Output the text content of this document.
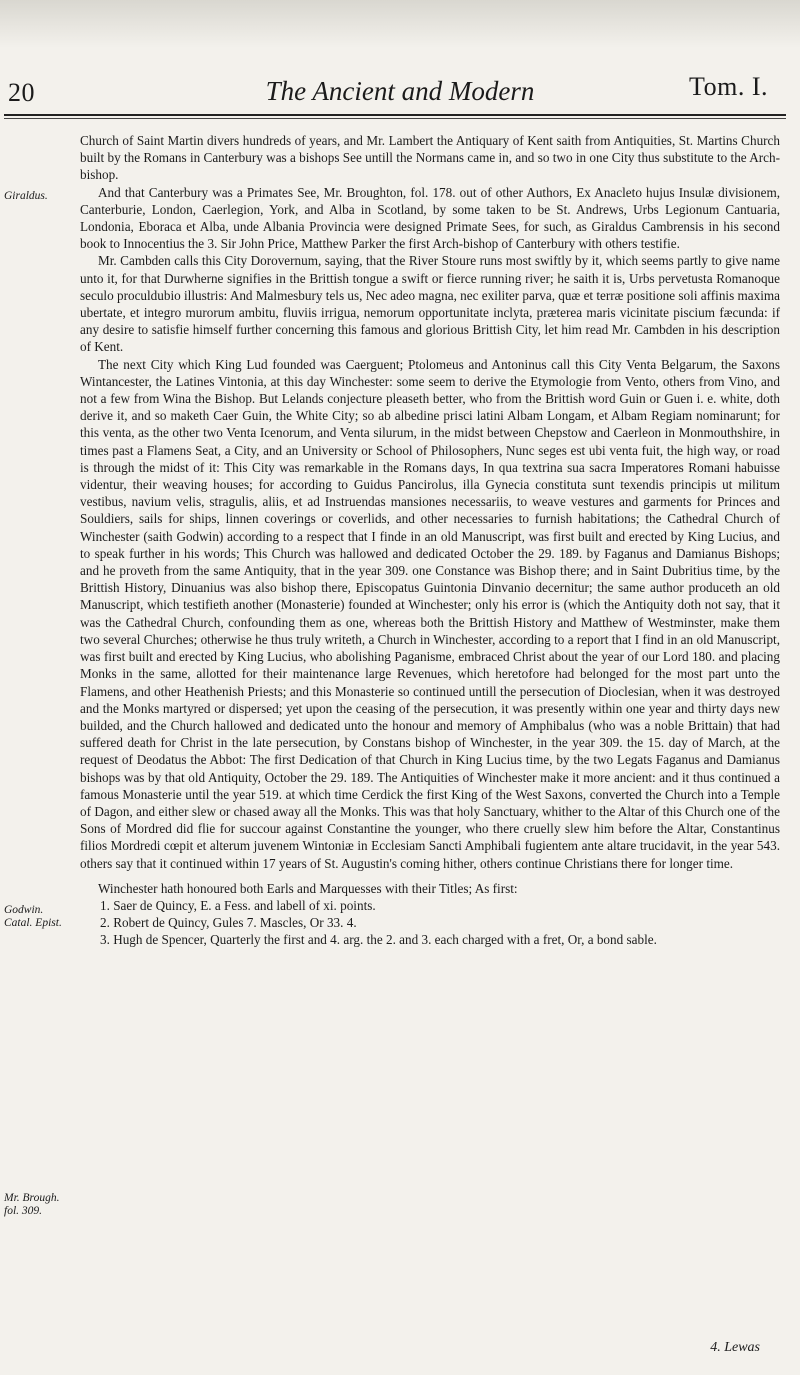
20	The Ancient and Modern	Tom. I.
Giraldus.
Godwin. Catal. Epist.
Mr. Brough. fol. 309.

Church of Saint Martin divers hundreds of years, and Mr. Lambert the Antiquary of Kent saith from Antiquities, St. Martins Church built by the Romans in Canterbury was a bishops See untill the Normans came in, and so two in one City thus substitute to the Arch-bishop.

And that Canterbury was a Primates See, Mr. Broughton, fol. 178. out of other Authors, Ex Anacleto hujus Insulæ divisionem, Canterburie, London, Caerlegion, York, and Alba in Scotland, by some taken to be St. Andrews, Urbs Legionum Cantuaria, Londonia, Eboraca et Alba, unde Albania Provincia were designed Primate Sees, for such, as Giraldus Cambrensis in his second book to Innocentius the 3. Sir John Price, Matthew Parker the first Arch-bishop of Canterbury with others testifie.

Mr. Cambden calls this City Dorovernum, saying, that the River Stoure runs most swiftly by it, which seems partly to give name unto it, for that Durwherne signifies in the Brittish tongue a swift or fierce running river; he saith it is, Urbs pervetusta Romanoque seculo proculdubio illustris: And Malmesbury tels us, Nec adeo magna, nec exiliter parva, quæ et terræ positione soli affinis maxima ubertate, et integro murorum ambitu, fluviis irrigua, nemorum opportunitate inclyta, præterea maris vicinitate piscium fæcunda: if any desire to satisfie himself further concerning this famous and glorious Brittish City, let him read Mr. Cambden in his description of Kent.

The next City which King Lud founded was Caerguent; Ptolomeus and Antoninus call this City Venta Belgarum, the Saxons Wintancester, the Latines Vintonia, at this day Winchester: some seem to derive the Etymologie from Vento, others from Vino, and not a few from Wina the Bishop. But Lelands conjecture pleaseth better, who from the Brittish word Guin or Guen i. e. white, doth derive it, and so maketh Caer Guin, the White City; so ab albedine prisci latini Albam Longam, et Albam Regiam nominarunt; for this venta, as the other two Venta Icenorum, and Venta silurum, in the midst between Chepstow and Caerleon in Monmouthshire, in times past a Flamens Seat, a City, and an University or School of Philosophers, Nunc seges est ubi venta fuit, the high way, or road is through the midst of it: This City was remarkable in the Romans days, In qua textrina sua sacra Imperatores Romani habuisse videntur, their weaving houses; for according to Guidus Pancirolus, illa Gynecia constituta sunt texendis principis ut militum vestibus, navium velis, stragulis, aliis, et ad Instruendas mansiones necessariis, to weave vestures and garments for Princes and Souldiers, sails for ships, linnen coverings or coverlids, and other necessaries to furnish habitations; the Cathedral Church of Winchester (saith Godwin) according to a respect that I finde in an old Manuscript, was first built and erected by King Lucius, and to speak further in his words; This Church was hallowed and dedicated October the 29. 189. by Faganus and Damianus Bishops; and he proveth from the same Antiquity, that in the year 309. one Constance was Bishop there; and in Saint Dubritius time, by the Brittish History, Dinuanius was also bishop there, Episcopatus Guintonia Dinvanio decernitur; the same author produceth an old Manuscript, which testifieth another (Monasterie) founded at Winchester; only his error is (which the Antiquity doth not say, that it was the Cathedral Church, confounding them as one, whereas both the Brittish History and Matthew of Westminster, make them two several Churches; otherwise he thus truly writeth, a Church in Winchester, according to a report that I find in an old Manuscript, was first built and erected by King Lucius, who abolishing Paganisme, embraced Christ about the year of our Lord 180. and placing Monks in the same, allotted for their maintenance large Revenues, which heretofore had belonged for the most part unto the Flamens, and other Heathenish Priests; and this Monasterie so continued untill the persecution of Dioclesian, when it was destroyed and the Monks martyred or dispersed; yet upon the ceasing of the persecution, it was presently within one year and thirty days new builded, and the Church hallowed and dedicated unto the honour and memory of Amphibalus (who was a noble Brittain) that had suffered death for Christ in the late persecution, by Constans bishop of Winchester, in the year 309. the 15. day of March, at the request of Deodatus the Abbot: The first Dedication of that Church in King Lucius time, by the two Legats Faganus and Damianus bishops was by that old Antiquity, October the 29. 189. The Antiquities of Winchester make it more ancient: and it thus continued a famous Monasterie until the year 519. at which time Cerdick the first King of the West Saxons, converted the Church into a Temple of Dagon, and either slew or chased away all the Monks. This was that holy Sanctuary, whither to the Altar of this Church one of the Sons of Mordred did flie for succour against Constantine the younger, who there cruelly slew him before the Altar, Constantinus filios Mordredi cœpit et alterum juvenem Wintoniæ in Ecclesiam Sancti Amphibali fugientem ante altare trucidavit, in the year 543. others say that it continued within 17 years of St. Augustin's coming hither, others continue Christians there for longer time.

Winchester hath honoured both Earls and Marquesses with their Titles; As first:

1. Saer de Quincy, E. a Fess. and labell of xi. points.
2. Robert de Quincy, Gules 7. Mascles, Or 33. 4.
3. Hugh de Spencer, Quarterly the first and 4. arg. the 2. and 3. each charged with a fret, Or, a bond sable.
4. Lewas
